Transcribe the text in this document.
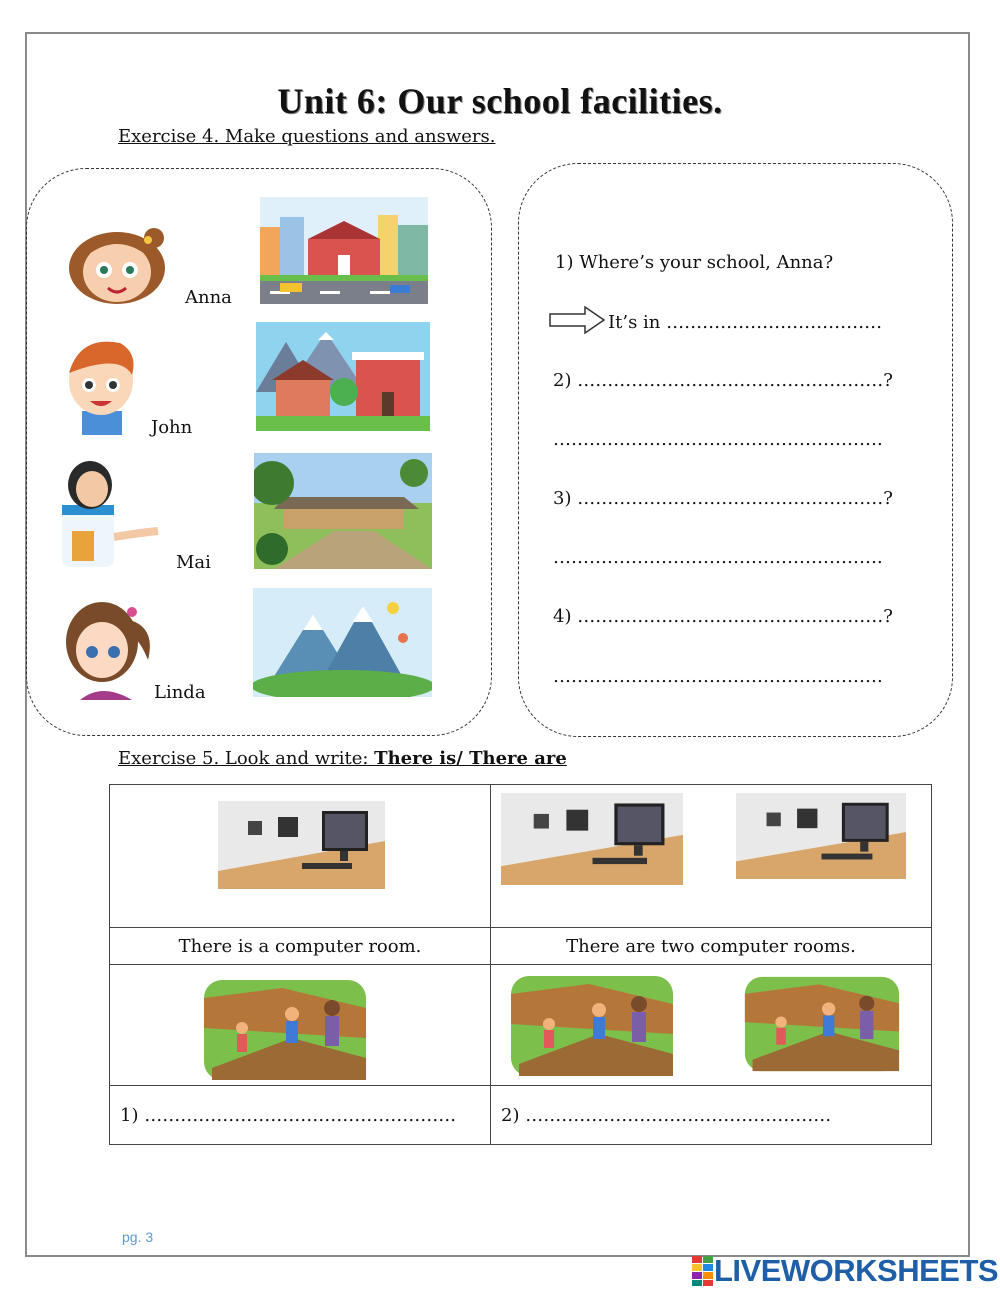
Unit 6: Our school facilities.
Exercise 4. Make questions and answers.
Anna
John
Mai
Linda
1) Where’s your school, Anna?
It’s in ………………………………
2) ……………………………………………?
……………………………………………….
3) ……………………………………………?
……………………………………………….
4) ……………………………………………?
……………………………………………….
Exercise 5. Look and write: There is/ There are

There is a computer room.	There are two computer rooms.

1) …………………………………………….	2) ……………………………………………
pg. 3
LIVE LIVEWORKSHEETS
